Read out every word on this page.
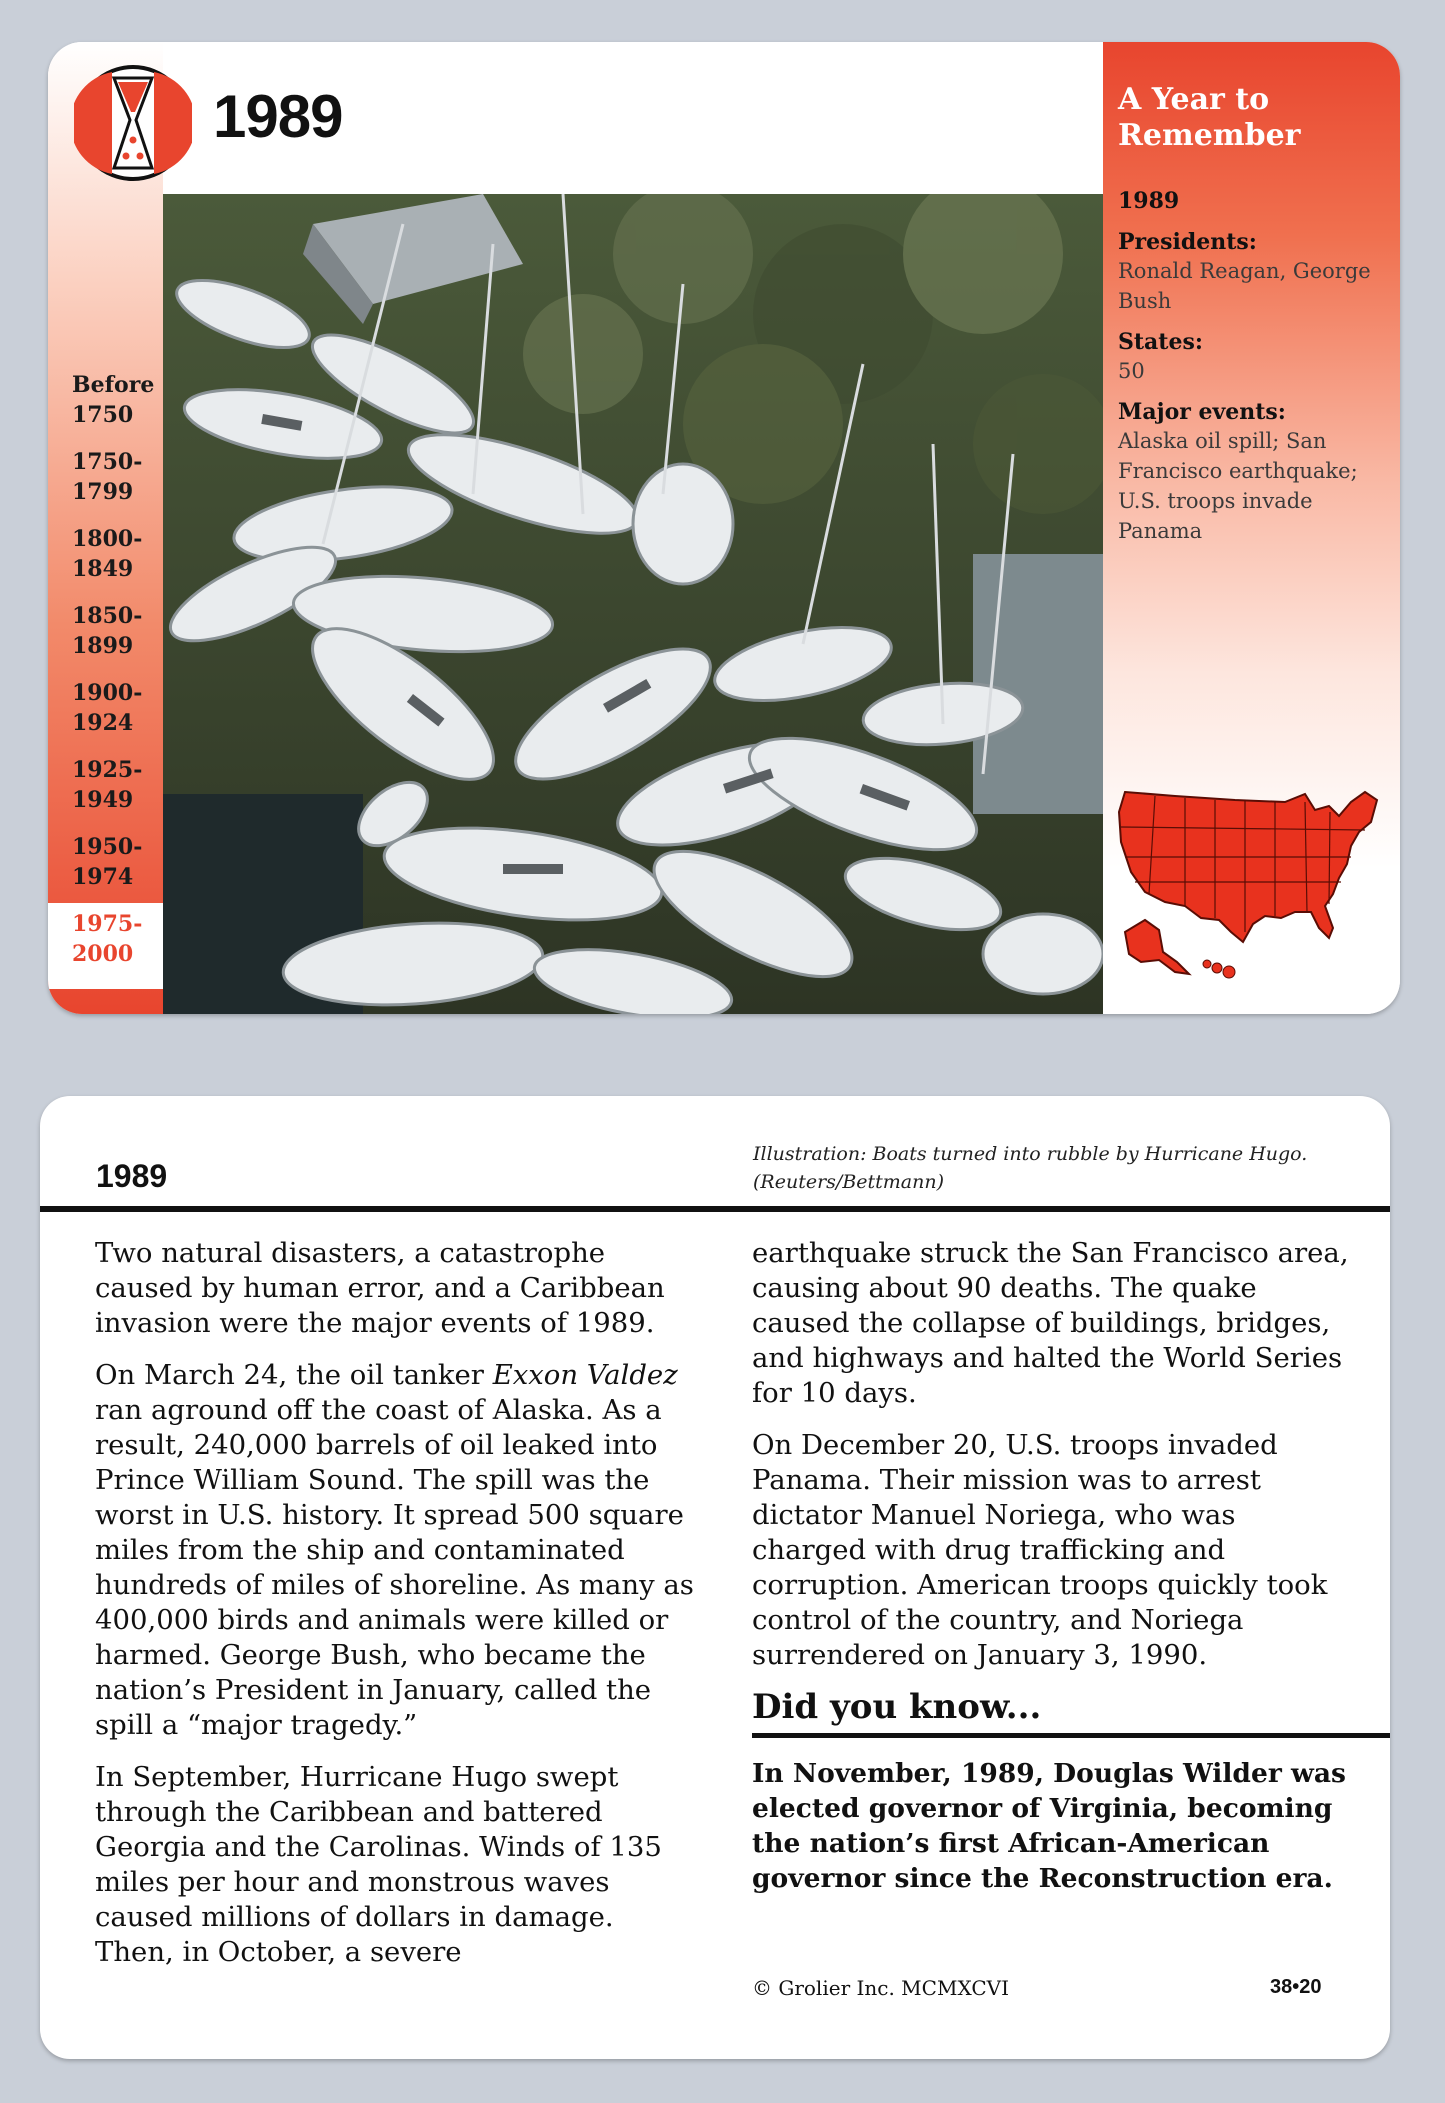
Before 1750
1750-1799
1800-1849
1850-1899
1900-1924
1925-1949
1950-1974
1975-2000
1989	A Year to Remember
1989
Presidents:
Ronald Reagan, George Bush
States:
50
Major events:
Alaska oil spill; San Francisco earthquake; U.S. troops invade Panama
1989
Illustration: Boats turned into rubble by Hurricane Hugo.
(Reuters/Bettmann)

Two natural disasters, a catastrophe caused by human error, and a Caribbean invasion were the major events of 1989.

On March 24, the oil tanker Exxon Valdez ran aground off the coast of Alaska. As a result, 240,000 barrels of oil leaked into Prince William Sound. The spill was the worst in U.S. history. It spread 500 square miles from the ship and contaminated hundreds of miles of shoreline. As many as 400,000 birds and animals were killed or harmed. George Bush, who became the nation’s President in January, called the spill a “major tragedy.”

In September, Hurricane Hugo swept through the Caribbean and battered Georgia and the Carolinas. Winds of 135 miles per hour and monstrous waves caused millions of dollars in damage. Then, in October, a severe

earthquake struck the San Francisco area, causing about 90 deaths. The quake caused the collapse of buildings, bridges, and highways and halted the World Series for 10 days.

On December 20, U.S. troops invaded Panama. Their mission was to arrest dictator Manuel Noriega, who was charged with drug trafficking and corruption. American troops quickly took control of the country, and Noriega surrendered on January 3, 1990.

Did you know...
In November, 1989, Douglas Wilder was elected governor of Virginia, becoming the nation’s first African-American governor since the Reconstruction era.
© Grolier Inc. MCMXCVI	38•20
